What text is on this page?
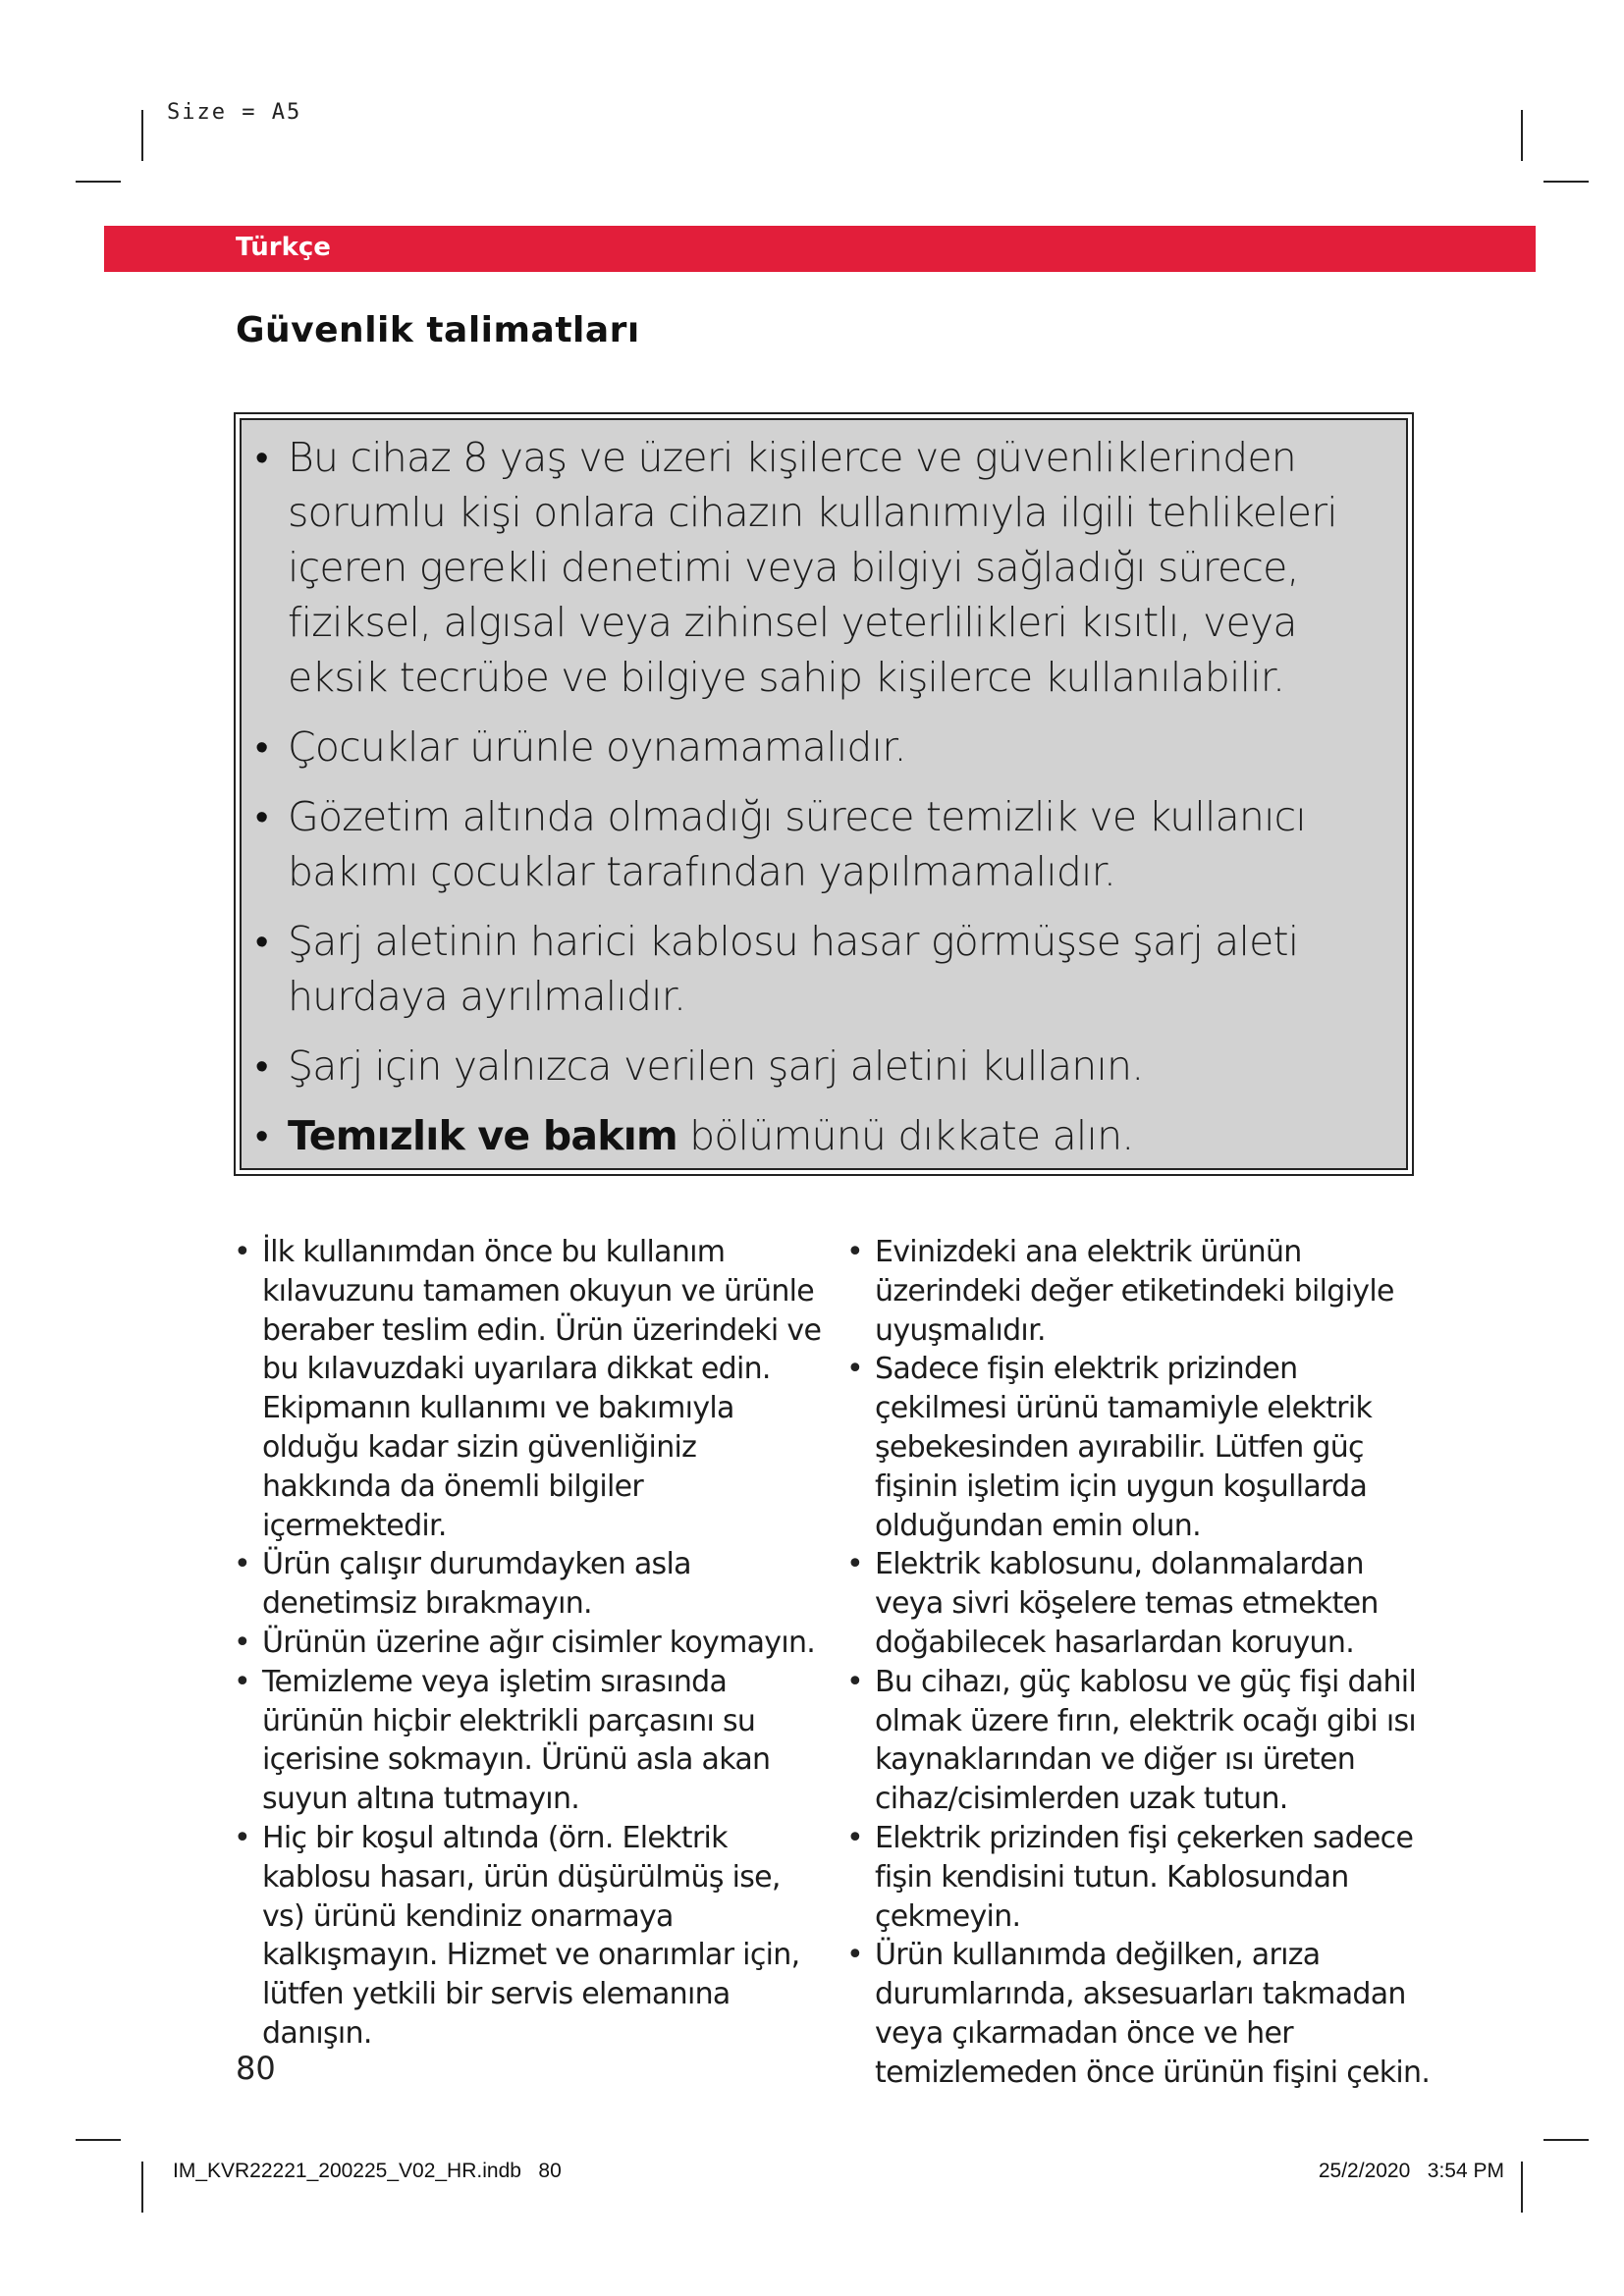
Size = A5
Türkçe
Güvenlik talimatları
• Bu cihaz 8 yaş ve üzeri kişilerce ve güvenliklerinden sorumlu kişi onlara cihazın kullanımıyla ilgili tehlikeleri içeren gerekli denetimi veya bilgiyi sağladığı sürece, fiziksel, algısal veya zihinsel yeterlilikleri kısıtlı, veya eksik tecrübe ve bilgiye sahip kişilerce kullanılabilir.
• Çocuklar ürünle oynamamalıdır.
• Gözetim altında olmadığı sürece temizlik ve kullanıcı bakımı çocuklar tarafından yapılmamalıdır.
• Şarj aletinin harici kablosu hasar görmüşse şarj aleti hurdaya ayrılmalıdır.
• Şarj için yalnızca verilen şarj aletini kullanın.
• Temızlık ve bakım bölümünü dıkkate alın.
• İlk kullanımdan önce bu kullanım kılavuzunu tamamen okuyun ve ürünle beraber teslim edin. Ürün üzerindeki ve bu kılavuzdaki uyarılara dikkat edin. Ekipmanın kullanımı ve bakımıyla olduğu kadar sizin güvenliğiniz hakkında da önemli bilgiler içermektedir.
• Ürün çalışır durumdayken asla denetimsiz bırakmayın.
• Ürünün üzerine ağır cisimler koymayın.
• Temizleme veya işletim sırasında ürünün hiçbir elektrikli parçasını su içerisine sokmayın. Ürünü asla akan suyun altına tutmayın.
• Hiç bir koşul altında (örn. Elektrik kablosu hasarı, ürün düşürülmüş ise, vs) ürünü kendiniz onarmaya kalkışmayın. Hizmet ve onarımlar için, lütfen yetkili bir servis elemanına danışın.
• Evinizdeki ana elektrik ürünün üzerindeki değer etiketindeki bilgiyle uyuşmalıdır.
• Sadece fişin elektrik prizinden çekilmesi ürünü tamamiyle elektrik şebekesinden ayırabilir. Lütfen güç fişinin işletim için uygun koşullarda olduğundan emin olun.
• Elektrik kablosunu, dolanmalardan veya sivri köşelere temas etmekten doğabilecek hasarlardan koruyun.
• Bu cihazı, güç kablosu ve güç fişi dahil olmak üzere fırın, elektrik ocağı gibi ısı kaynaklarından ve diğer ısı üreten cihaz/cisimlerden uzak tutun.
• Elektrik prizinden fişi çekerken sadece fişin kendisini tutun. Kablosundan çekmeyin.
• Ürün kullanımda değilken, arıza durumlarında, aksesuarları takmadan veya çıkarmadan önce ve her temizlemeden önce ürünün fişini çekin.
80
IM_KVR22221_200225_V02_HR.indb   80	25/2/2020   3:54 PM
